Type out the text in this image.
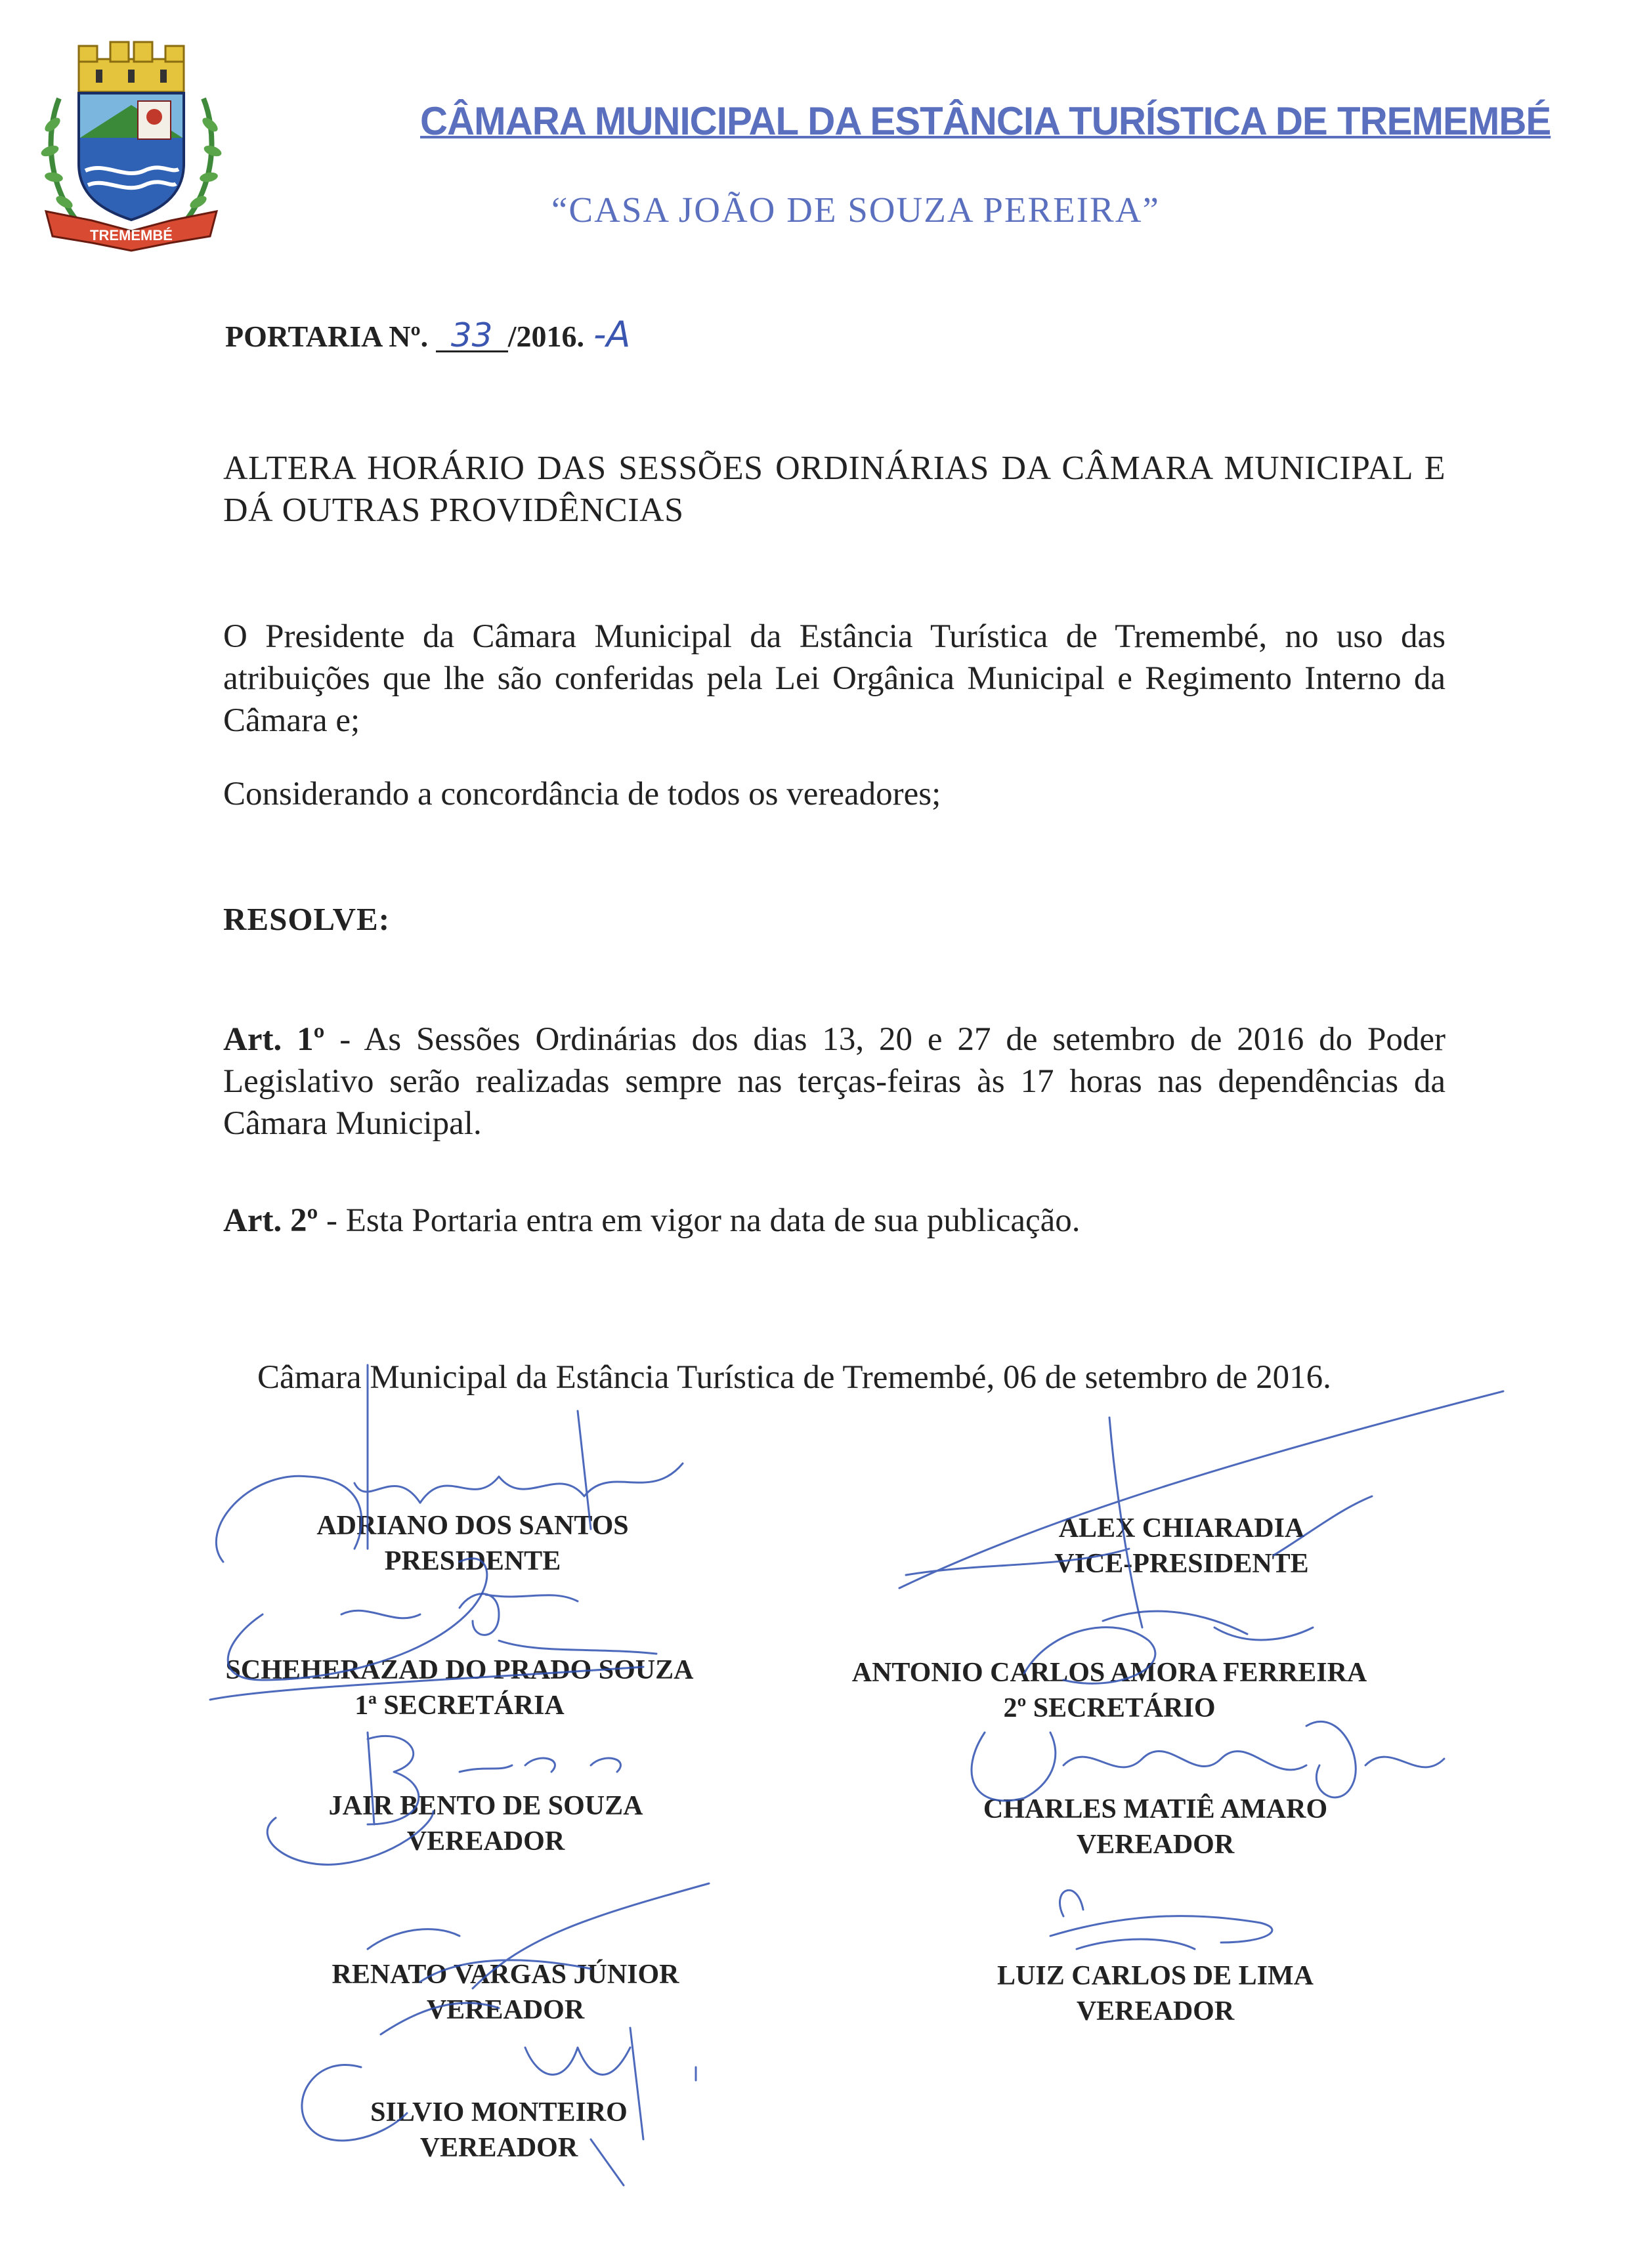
TREMEMBÉ
CÂMARA MUNICIPAL DA ESTÂNCIA TURÍSTICA DE TREMEMBÉ
“CASA JOÃO DE SOUZA PEREIRA”
PORTARIA Nº. 33 /2016. -A
ALTERA HORÁRIO DAS SESSÕES ORDINÁRIAS DA CÂMARA MUNICIPAL E DÁ OUTRAS PROVIDÊNCIAS
O Presidente da Câmara Municipal da Estância Turística de Tremembé, no uso das atribuições que lhe são conferidas pela Lei Orgânica Municipal e Regimento Interno da Câmara e;
Considerando a concordância de todos os vereadores;
RESOLVE:
Art. 1º - As Sessões Ordinárias dos dias 13, 20 e 27 de setembro de 2016 do Poder Legislativo serão realizadas sempre nas terças-feiras às 17 horas nas dependências da Câmara Municipal.
Art. 2º - Esta Portaria entra em vigor na data de sua publicação.
Câmara Municipal da Estância Turística de Tremembé, 06 de setembro de 2016.
ADRIANO DOS SANTOS
PRESIDENTE
ALEX CHIARADIA
VICE-PRESIDENTE
SCHEHERAZAD DO PRADO SOUZA
1ª SECRETÁRIA
ANTONIO CARLOS AMORA FERREIRA
2º SECRETÁRIO
JAIR BENTO DE SOUZA
VEREADOR
CHARLES MATIÊ AMARO
VEREADOR
RENATO VARGAS JÚNIOR
VEREADOR
LUIZ CARLOS DE LIMA
VEREADOR
SILVIO MONTEIRO
VEREADOR
